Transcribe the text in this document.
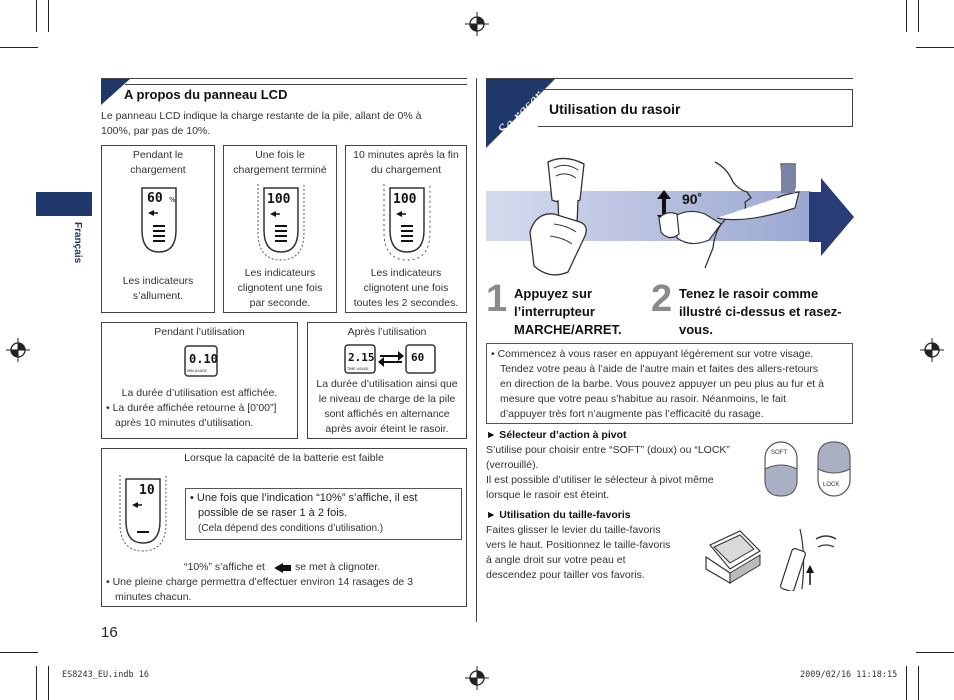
Français
A propos du panneau LCD
Le panneau LCD indique la charge restante de la pile, allant de 0% à
100%, par pas de 10%.
Pendant le
chargement
60 %
Les indicateurs
s’allument.
Une fois le
chargement terminé
100
Les indicateurs
clignotent une fois
par seconde.
10 minutes après la fin
du chargement
100
Les indicateurs
clignotent une fois
toutes les 2 secondes.
Pendant l’utilisation
0.10
MIN.USAGE
La durée d’utilisation est affichée.
• La durée affichée retourne à [0’00”]
après 10 minutes d’utilisation.
Après l’utilisation
2.15
TIME USAGE
60
La durée d’utilisation ainsi que
le niveau de charge de la pile
sont affichés en alternance
après avoir éteint le rasoir.
Lorsque la capacité de la batterie est faible
10	• Une fois que l’indication “10%” s’affiche, il est
possible de se raser 1 à 2 fois.
(Cela dépend des conditions d’utilisation.)
“10%” s’affiche et	se met à clignoter.
• Une pleine charge permettra d’effectuer environ 14 rasages de 3
minutes chacun.
16
Se raser Utilisation du rasoir
90˚
1 Appuyez sur
l’interrupteur
MARCHE/ARRET.
2 Tenez le rasoir comme
illustré ci-dessus et rasez-
vous.
• Commencez à vous raser en appuyant légèrement sur votre visage.
Tendez votre peau à l’aide de l’autre main et faites des allers-retours
en direction de la barbe. Vous pouvez appuyer un peu plus au fur et à
mesure que votre peau s’habitue au rasoir. Néanmoins, le fait
d’appuyer très fort n’augmente pas l’efficacité du rasage.
► Sélecteur d’action à pivot
S’utilise pour choisir entre “SOFT” (doux) ou “LOCK”
(verrouillé).
Il est possible d’utiliser le sélecteur à pivot même
lorsque le rasoir est éteint.
SOFT
LOCK
► Utilisation du taille-favoris
Faites glisser le levier du taille-favoris
vers le haut. Positionnez le taille-favoris
à angle droit sur votre peau et
descendez pour tailler vos favoris.
ES8243_EU.indb 16	2009/02/16 11:18:15
